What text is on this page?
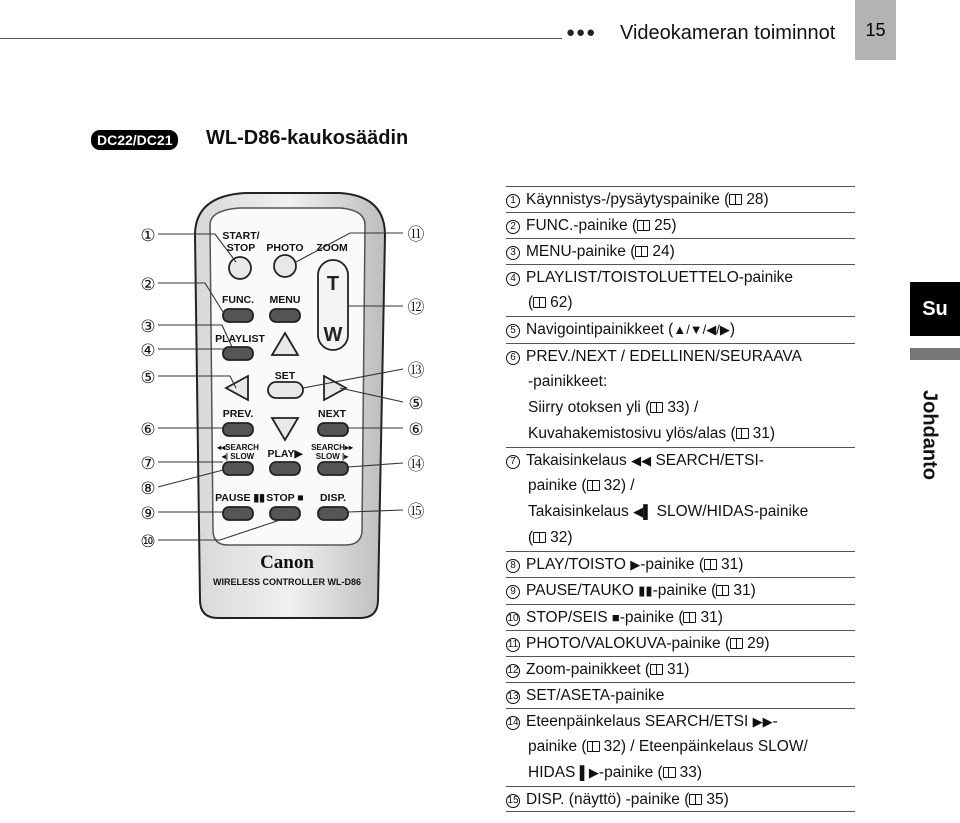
●●● Videokameran toiminnot	15
DC22/DC21	WL-D86-kaukosäädin
Su
Johdanto
START/
STOP PHOTO ZOOM
FUNC. MENU
PLAYLIST
SET
PREV.	NEXT
◂◂SEARCH
◂| SLOW PLAY▶
SEARCH▸▸
SLOW |▸
PAUSE ▮▮ STOP ■ DISP.
Canon
WIRELESS CONTROLLER WL-D86
T
W
①
②
③
④
⑤
⑥
⑦
⑧
⑨
⑩
⑪
⑫
⑬
⑤
⑥
⑭
⑮
1 Käynnistys-/pysäytyspainike ( 28)
2 FUNC.-painike ( 25)
3 MENU-painike ( 24)
4 PLAYLIST/TOISTOLUETTELO-painike
( 62)
5 Navigointipainikkeet (▲/▼/◀/▶)
6 PREV./NEXT / EDELLINEN/SEURAAVA
-painikkeet:
Siirry otoksen yli ( 33) /
Kuvahakemistosivu ylös/alas ( 31)
7 Takaisinkelaus ◀◀ SEARCH/ETSI-
painike ( 32) /
Takaisinkelaus ◀▌ SLOW/HIDAS-painike
( 32)
8 PLAY/TOISTO ▶-painike ( 31)
9 PAUSE/TAUKO ▮▮-painike ( 31)
10 STOP/SEIS ■-painike ( 31)
11 PHOTO/VALOKUVA-painike ( 29)
12 Zoom-painikkeet ( 31)
13 SET/ASETA-painike
14 Eteenpäinkelaus SEARCH/ETSI ▶▶-
painike ( 32) / Eteenpäinkelaus SLOW/
HIDAS ▌▶-painike ( 33)
15 DISP. (näyttö) -painike ( 35)
